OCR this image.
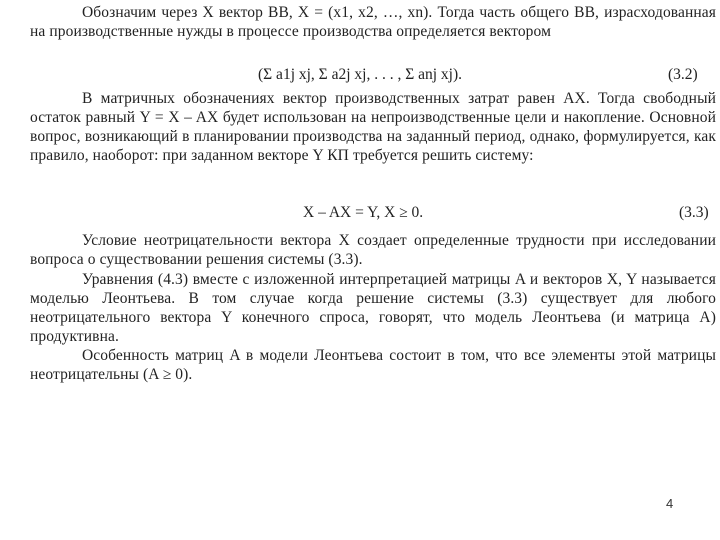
Обозначим через X вектор ВВ, X = (x1, x2, …, xn). Тогда часть общего ВВ, израсходованная на производственные нужды в процессе производства определяется вектором
(Σ a1j xj, Σ a2j xj, . . . , Σ anj xj).	(3.2)
В матричных обозначениях вектор производственных затрат равен AX. Тогда свободный остаток равный Y = X – AX будет использован на непроизводственные цели и накопление. Основной вопрос, возникающий в планировании производства на заданный период, однако, формулируется, как правило, наоборот: при заданном векторе Y КП требуется решить систему:
X – AX = Y, X ≥ 0.	(3.3)
Условие неотрицательности вектора X создает определенные трудности при исследовании вопроса о существовании решения системы (3.3).
Уравнения (4.3) вместе с изложенной интерпретацией матрицы A и векторов X, Y называется моделью Леонтьева. В том случае когда решение системы (3.3) существует для любого неотрицательного вектора Y конечного спроса, говорят, что модель Леонтьева (и матрица A) продуктивна.
Особенность матриц A в модели Леонтьева состоит в том, что все элементы этой матрицы неотрицательны (A ≥ 0).
4
